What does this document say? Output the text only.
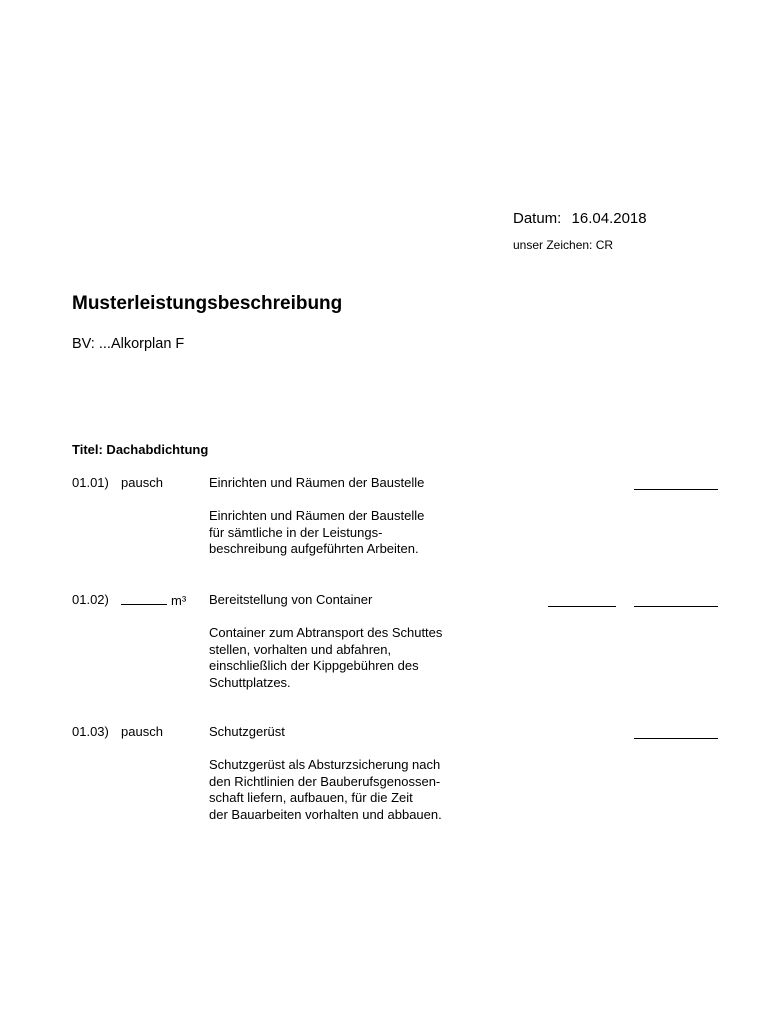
Datum: 16.04.2018
unser Zeichen: CR
Musterleistungsbeschreibung
BV: ...Alkorplan F
Titel: Dachabdichtung
01.01) pausch	Einrichten und Räumen der Baustelle
Einrichten und Räumen der Baustelle
für sämtliche in der Leistungs-
beschreibung aufgeführten Arbeiten.
01.02)	m³ Bereitstellung von Container
Container zum Abtransport des Schuttes
stellen, vorhalten und abfahren,
einschließlich der Kippgebühren des
Schuttplatzes.
01.03) pausch	Schutzgerüst
Schutzgerüst als Absturzsicherung nach
den Richtlinien der Bauberufsgenossen-
schaft liefern, aufbauen, für die Zeit
der Bauarbeiten vorhalten und abbauen.
